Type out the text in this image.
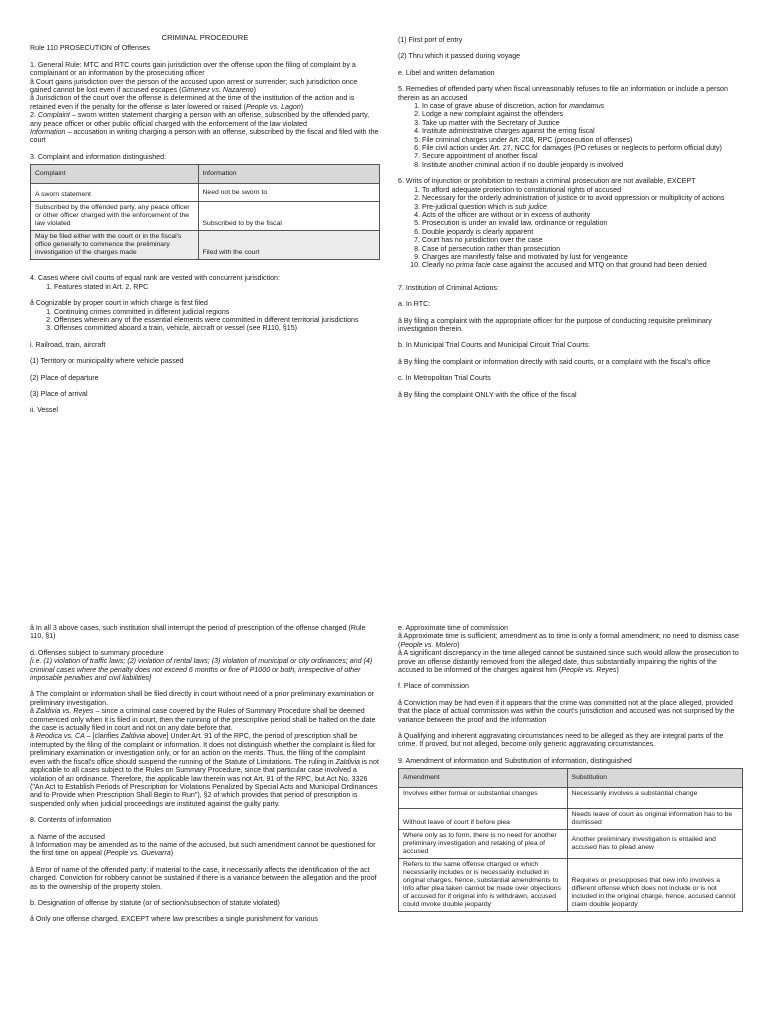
CRIMINAL PROCEDURE

Rule 110 PROSECUTION of Offenses

1. General Rule: MTC and RTC courts gain jurisdiction over the offense upon the filing of complaint by a complainant or an information by the prosecuting officer

â Court gains jurisdiction over the person of the accused upon arrest or surrender; such jurisdiction once gained cannot be lost even if accused escapes (Gimenez vs. Nazareno)

â Jurisdiction of the court over the offense is determined at the time of the institution of the action and is retained even if the penalty for the offense is later lowered or raised (People vs. Lagon)

2. Complaint – sworn written statement charging a person with an offense, subscribed by the offended party, any peace officer or other public official charged with the enforcement of the law violated

Information – accusation in writing charging a person with an offense, subscribed by the fiscal and filed with the court

3. Complaint and information distinguished:

Complaint	Information
A sworn statement	Need not be sworn to
Subscribed by the offended party, any peace officer or other officer charged with the enforcement of the law violated	Subscribed to by the fiscal
May be filed either with the court or in the fiscal's office generally to commence the preliminary investigation of the charges made	Filed with the court

4. Cases where civil courts of equal rank are vested with concurrent jurisdiction:

1. Features stated in Art. 2, RPC

â Cognizable by proper court in which charge is first filed

1. Continuing crimes committed in different judicial regions
2. Offenses wherein any of the essential elements were committed in different territorial jurisdictions
3. Offenses committed aboard a train, vehicle, aircraft or vessel (see R110, §15)

i. Railroad, train, aircraft

(1) Territory or municipality where vehicle passed

(2) Place of departure

(3) Place of arrival

ii. Vessel

(1) First port of entry

(2) Thru which it passed during voyage

e. Libel and written defamation

5. Remedies of offended party when fiscal unreasonably refuses to file an information or include a person therein as an accused

1. In case of grave abuse of discretion, action for mandamus
2. Lodge a new complaint against the offenders
3. Take up matter with the Secretary of Justice
4. Institute administrative charges against the erring fiscal
5. File criminal charges under Art. 208, RPC (prosecution of offenses)
6. File civil action under Art. 27, NCC for damages (PO refuses or neglects to perform official duty)
7. Secure appointment of another fiscal
8. Institute another criminal action if no double jeopardy is involved

6. Writs of injunction or prohibition to restrain a criminal prosecution are not available, EXCEPT

1. To afford adequate protection to constitutional rights of accused
2. Necessary for the orderly administration of justice or to avoid oppression or multiplicity of actions
3. Pre-judicial question which is sub judice
4. Acts of the officer are without or in excess of authority
5. Prosecution is under an invalid law, ordinance or regulation
6. Double jeopardy is clearly apparent
7. Court has no jurisdiction over the case
8. Case of persecution rather than prosecution
9. Charges are manifestly false and motivated by lust for vengeance
10. Clearly no prima facie case against the accused and MTQ on that ground had been denied

7. Institution of Criminal Actions:

a. In RTC:

â By filing a complaint with the appropriate officer for the purpose of conducting requisite preliminary investigation therein.

b. In Municipal Trial Courts and Municipal Circuit Trial Courts:

â By filing the complaint or information directly with said courts, or a complaint with the fiscal's office

c. In Metropolitan Trial Courts

â By filing the complaint ONLY with the office of the fiscal

â In all 3 above cases, such institution shall interrupt the period of prescription of the offense charged (Rule 110, §1)

d. Offenses subject to summary procedure

[i.e. (1) violation of traffic laws; (2) violation of rental laws; (3) violation of municipal or city ordinances; and (4) criminal cases where the penalty does not exceed 6 months or fine of P1000 or both, irrespective of other imposable penalties and civil liabilities]

â The complaint or information shall be filed directly in court without need of a prior preliminary examination or preliminary investigation.

â Zaldivia vs. Reyes – since a criminal case covered by the Rules of Summary Procedure shall be deemed commenced only when it is filed in court, then the running of the prescriptive period shall be halted on the date the case is actually filed in court and not on any date before that.

â Reodica vs. CA – [clarifies Zaldivia above] Under Art. 91 of the RPC, the period of prescription shall be interrupted by the filing of the complaint or information. It does not distinguish whether the complaint is filed for preliminary examination or investigation only, or for an action on the merits. Thus, the filing of the complaint even with the fiscal's office should suspend the running of the Statute of Limitations. The ruling in Zaldivia is not applicable to all cases subject to the Rules on Summary Procedure, since that particular case involved a violation of an ordinance. Therefore, the applicable law therein was not Art. 91 of the RPC, but Act No. 3326 ("An Act to Establish Periods of Prescription for Violations Penalized by Special Acts and Municipal Ordinances and to Provide when Prescription Shall Begin to Run"), §2 of which provides that period of prescription is suspended only when judicial proceedings are instituted against the guilty party.

8. Contents of information

a. Name of the accused

â Information may be amended as to the name of the accused, but such amendment cannot be questioned for the first time on appeal (People vs. Guevarra)

â Error of name of the offended party: if material to the case, it necessarily affects the identification of the act charged. Conviction for robbery cannot be sustained if there is a variance between the allegation and the proof as to the ownership of the property stolen.

b. Designation of offense by statute (or of section/subsection of statute violated)

â Only one offense charged, EXCEPT where law prescribes a single punishment for various

e. Approximate time of commission

â Approximate time is sufficient; amendment as to time is only a formal amendment; no need to dismiss case (People vs. Molero)

â A significant discrepancy in the time alleged cannot be sustained since such would allow the prosecution to prove an offense distantly removed from the alleged date, thus substantially impairing the rights of the accused to be informed of the charges against him (People vs. Reyes)

f. Place of commission

â Conviction may be had even if it appears that the crime was committed not at the place alleged, provided that the place of actual commission was within the court's jurisdiction and accused was not surprised by the variance between the proof and the information

â Qualifying and inherent aggravating circumstances need to be alleged as they are integral parts of the crime. If proved, but not alleged, become only generic aggravating circumstances.

9. Amendment of information and Substitution of information, distinguished

Amendment	Substitution
Involves either formal or substantial changes	Necessarily involves a substantial change
Without leave of court if before plea	Needs leave of court as original information has to be dismissed
Where only as to form, there is no need for another preliminary investigation and retaking of plea of accused	Another preliminary investigation is entailed and accused has to plead anew
Refers to the same offense charged or which necessarily includes or is necessarily included in original charges, hence, substantial amendments to info after plea taken cannot be made over objections of accused for if original info is withdrawn, accused could invoke double jeopardy	Requires or presupposes that new info involves a different offense which does not include or is not included in the original charge, hence, accused cannot claim double jeopardy
